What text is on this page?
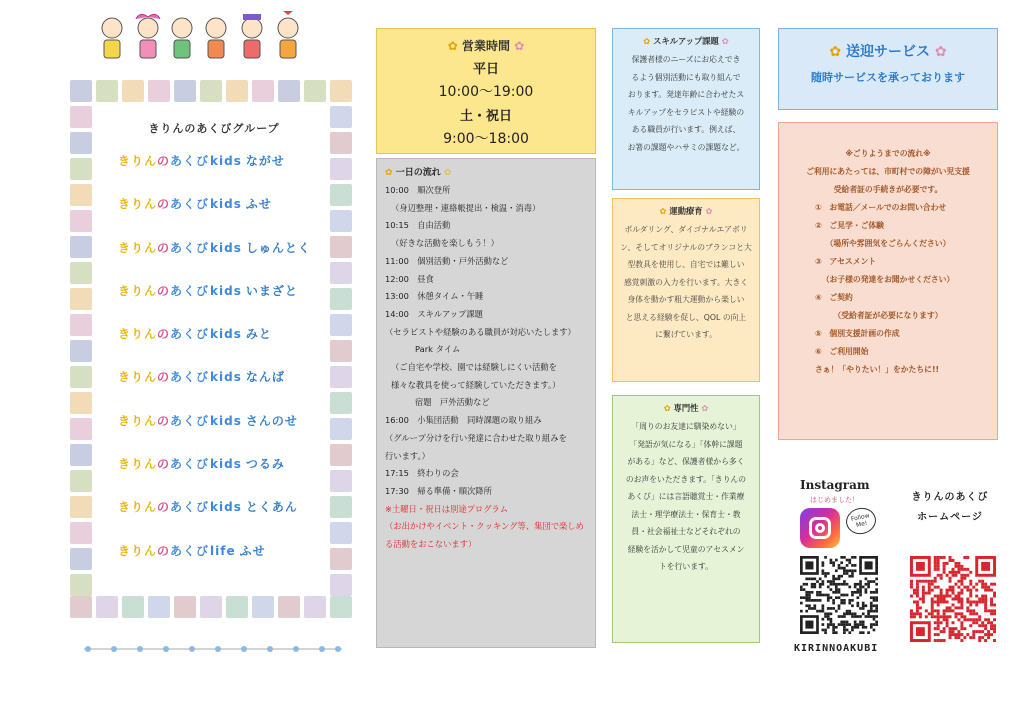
きりんのあくびグループ
きりんのあくびkids ながせ
きりんのあくびkids ふせ
きりんのあくびkids しゅんとく
きりんのあくびkids いまざと
きりんのあくびkids みと
きりんのあくびkids なんば
きりんのあくびkids さんのせ
きりんのあくびkids つるみ
きりんのあくびkids とくあん
きりんのあくびlife ふせ
✿ 営業時間 ✿
平日
10:00～19:00
土・祝日
9:00～18:00
✿ 一日の流れ ✿
10:00　順次登所
（身辺整理・連絡帳提出・検温・消毒）
10:15　自由活動
（好きな活動を楽しもう！）
11:00　個別活動・戸外活動など
12:00　昼食
13:00　休憩タイム・午睡
14:00　スキルアップ課題
（セラピストや経験のある職員が対応いたします）
Park タイム
（ご自宅や学校、園では経験しにくい活動を
様々な教具を使って経験していただきます。）
宿題　戸外活動など
16:00　小集団活動　同時課題の取り組み
（グループ分けを行い発達に合わせた取り組みを
行います。）
17:15　終わりの会
17:30　帰る準備・順次降所
※土曜日・祝日は別途プログラム
（お出かけやイベント・クッキング等、集団で楽しめ
る活動をおこないます）
✿ スキルアップ課題 ✿
保護者様のニーズにお応えでき
るよう個別活動にも取り組んで
おります。発達年齢に合わせたス
キルアップをセラピストや経験の
ある職員が行います。例えば、
お箸の課題やハサミの課題など。
✿ 運動療育 ✿
ボルダリング、ダイゴナルエアボリ
ン、そしてオリジナルのブランコと大
型教具を使用し、自宅では難しい
感覚刺激の入力を行います。大きく
身体を動かす粗大運動から楽しい
と思える経験を促し、QOL の向上
に繋げています。
✿ 専門性 ✿
「周りのお友達に馴染めない」
「発語が気になる」「体幹に課題
がある」など、保護者様から多く
のお声をいただきます。「きりんの
あくび」には言語聴覚士・作業療
法士・理学療法士・保育士・教
員・社会福祉士などそれぞれの
経験を活かして児童のアセスメン
トを行います。
✿ 送迎サービス ✿
随時サービスを承っております
※ごりようまでの流れ※
ご利用にあたっては、市町村での障がい児支援
受給者証の手続きが必要です。
①　お電話／メールでのお問い合わせ
②　ご見学・ご体験
（場所や雰囲気をごらんください）
③　アセスメント
（お子様の発達をお聞かせください）
④　ご契約
（受給者証が必要になります）
⑤　個別支援計画の作成
⑥　ご利用開始
さぁ！「やりたい！」をかたちに!!
Instagram
はじめました！
Follow Me!
KIRINNOAKUBI
きりんのあくび
ホームページ
